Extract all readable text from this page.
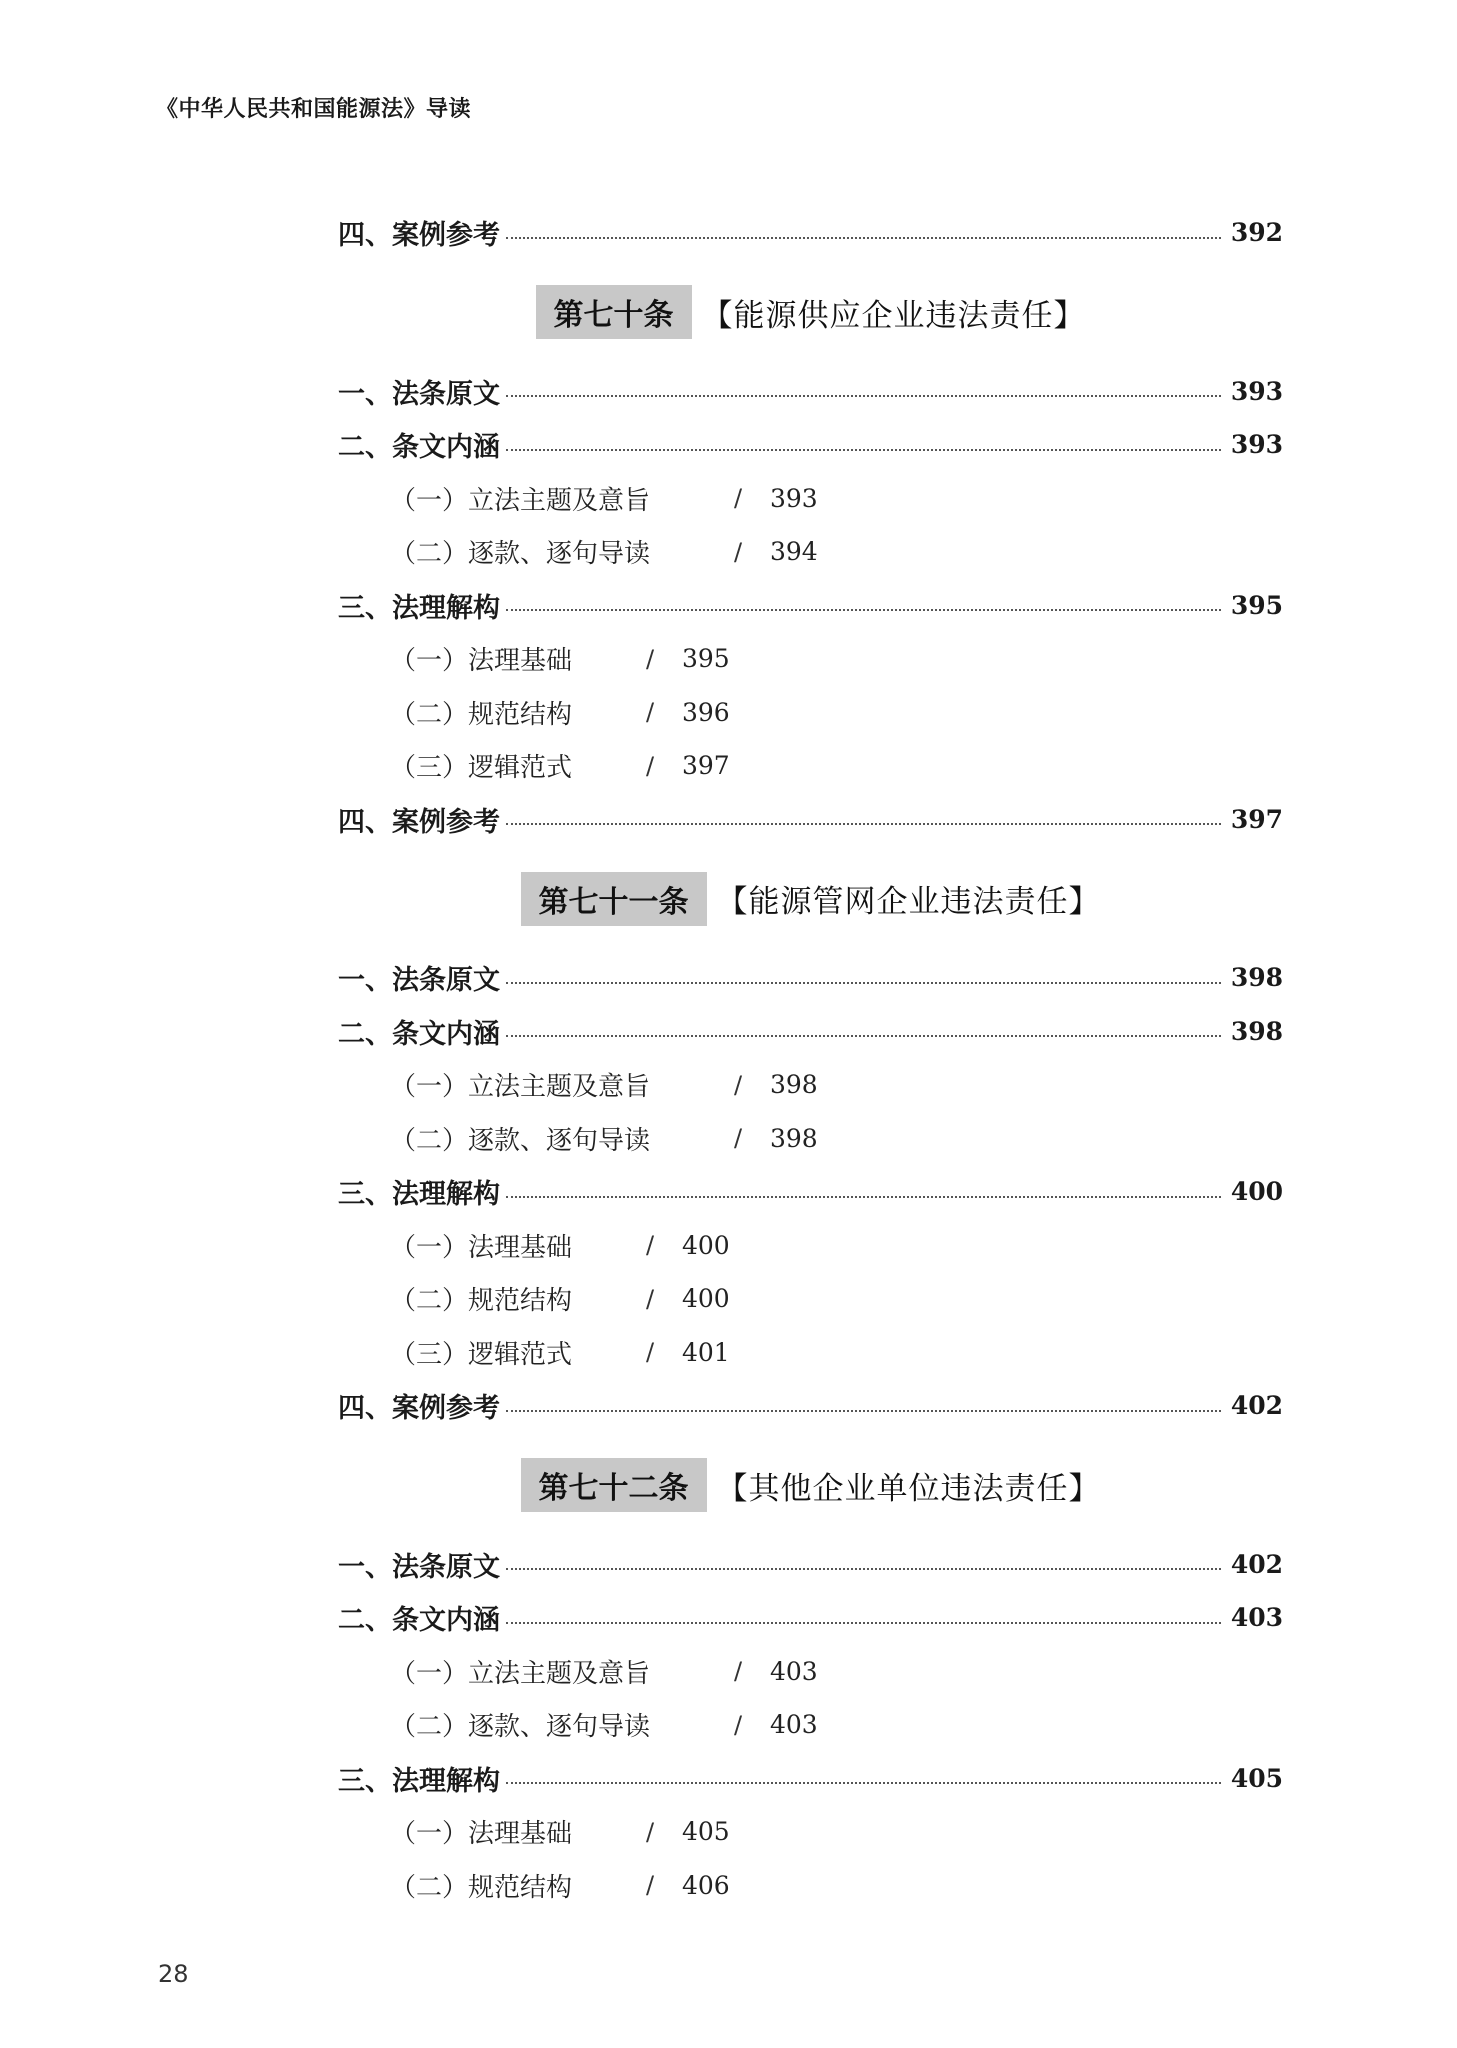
《中华人民共和国能源法》导读
四、案例参考	392
第七十条 【能源供应企业违法责任】
一、法条原文	393
二、条文内涵	393
（一）立法主题及意旨	/	393
（二）逐款、逐句导读	/	394
三、法理解构	395
（一）法理基础	/	395
（二）规范结构	/	396
（三）逻辑范式	/	397
四、案例参考	397
第七十一条 【能源管网企业违法责任】
一、法条原文	398
二、条文内涵	398
（一）立法主题及意旨	/	398
（二）逐款、逐句导读	/	398
三、法理解构	400
（一）法理基础	/	400
（二）规范结构	/	400
（三）逻辑范式	/	401
四、案例参考	402
第七十二条 【其他企业单位违法责任】
一、法条原文	402
二、条文内涵	403
（一）立法主题及意旨	/	403
（二）逐款、逐句导读	/	403
三、法理解构	405
（一）法理基础	/	405
（二）规范结构	/	406
28
